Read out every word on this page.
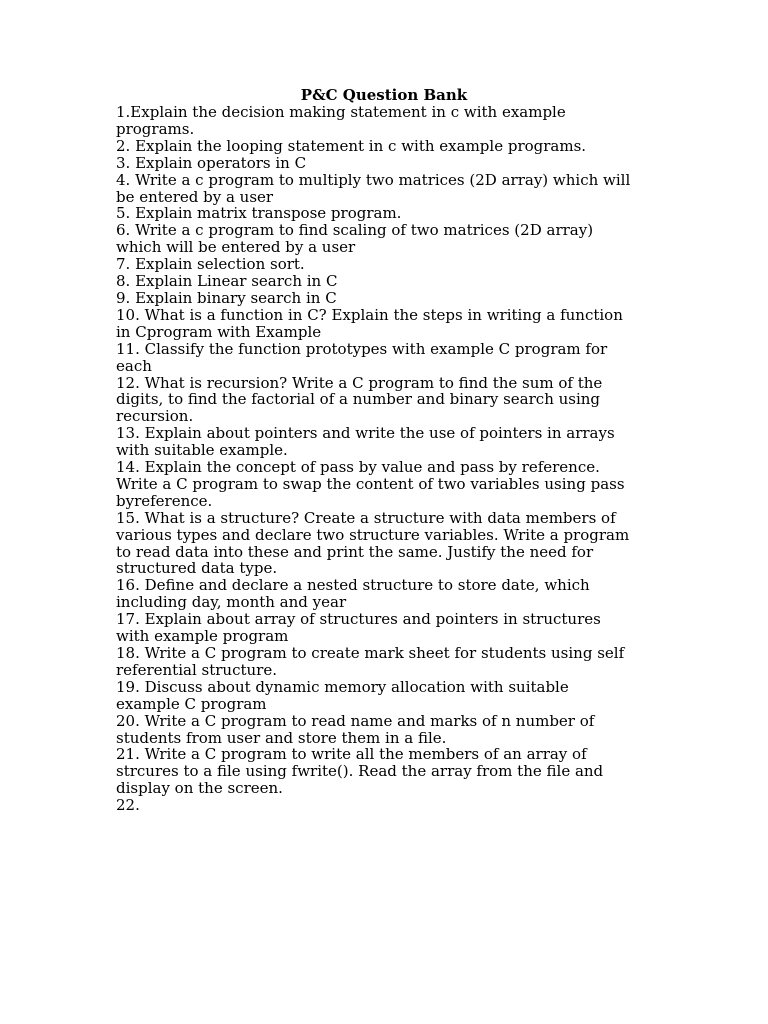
P&C Question Bank
1.Explain the decision making statement in c with example
programs.
2. Explain the looping statement in c with example programs.
3. Explain operators in C
4. Write a c program to multiply two matrices (2D array) which will
be entered by a user
5. Explain matrix transpose program.
6. Write a c program to find scaling of two matrices (2D array)
which will be entered by a user
7. Explain selection sort.
8. Explain Linear search in C
9. Explain binary search in C
10. What is a function in C? Explain the steps in writing a function
in Cprogram with Example
11. Classify the function prototypes with example C program for
each
12. What is recursion? Write a C program to find the sum of the
digits, to find the factorial of a number and binary search using
recursion.
13. Explain about pointers and write the use of pointers in arrays
with suitable example.
14. Explain the concept of pass by value and pass by reference.
Write a C program to swap the content of two variables using pass
byreference.
15. What is a structure? Create a structure with data members of
various types and declare two structure variables. Write a program
to read data into these and print the same. Justify the need for
structured data type.
16. Define and declare a nested structure to store date, which
including day, month and year
17. Explain about array of structures and pointers in structures
with example program
18. Write a C program to create mark sheet for students using self
referential structure.
19. Discuss about dynamic memory allocation with suitable
example C program
20. Write a C program to read name and marks of n number of
students from user and store them in a file.
21. Write a C program to write all the members of an array of
strcures to a file using fwrite(). Read the array from the file and
display on the screen.
22.
